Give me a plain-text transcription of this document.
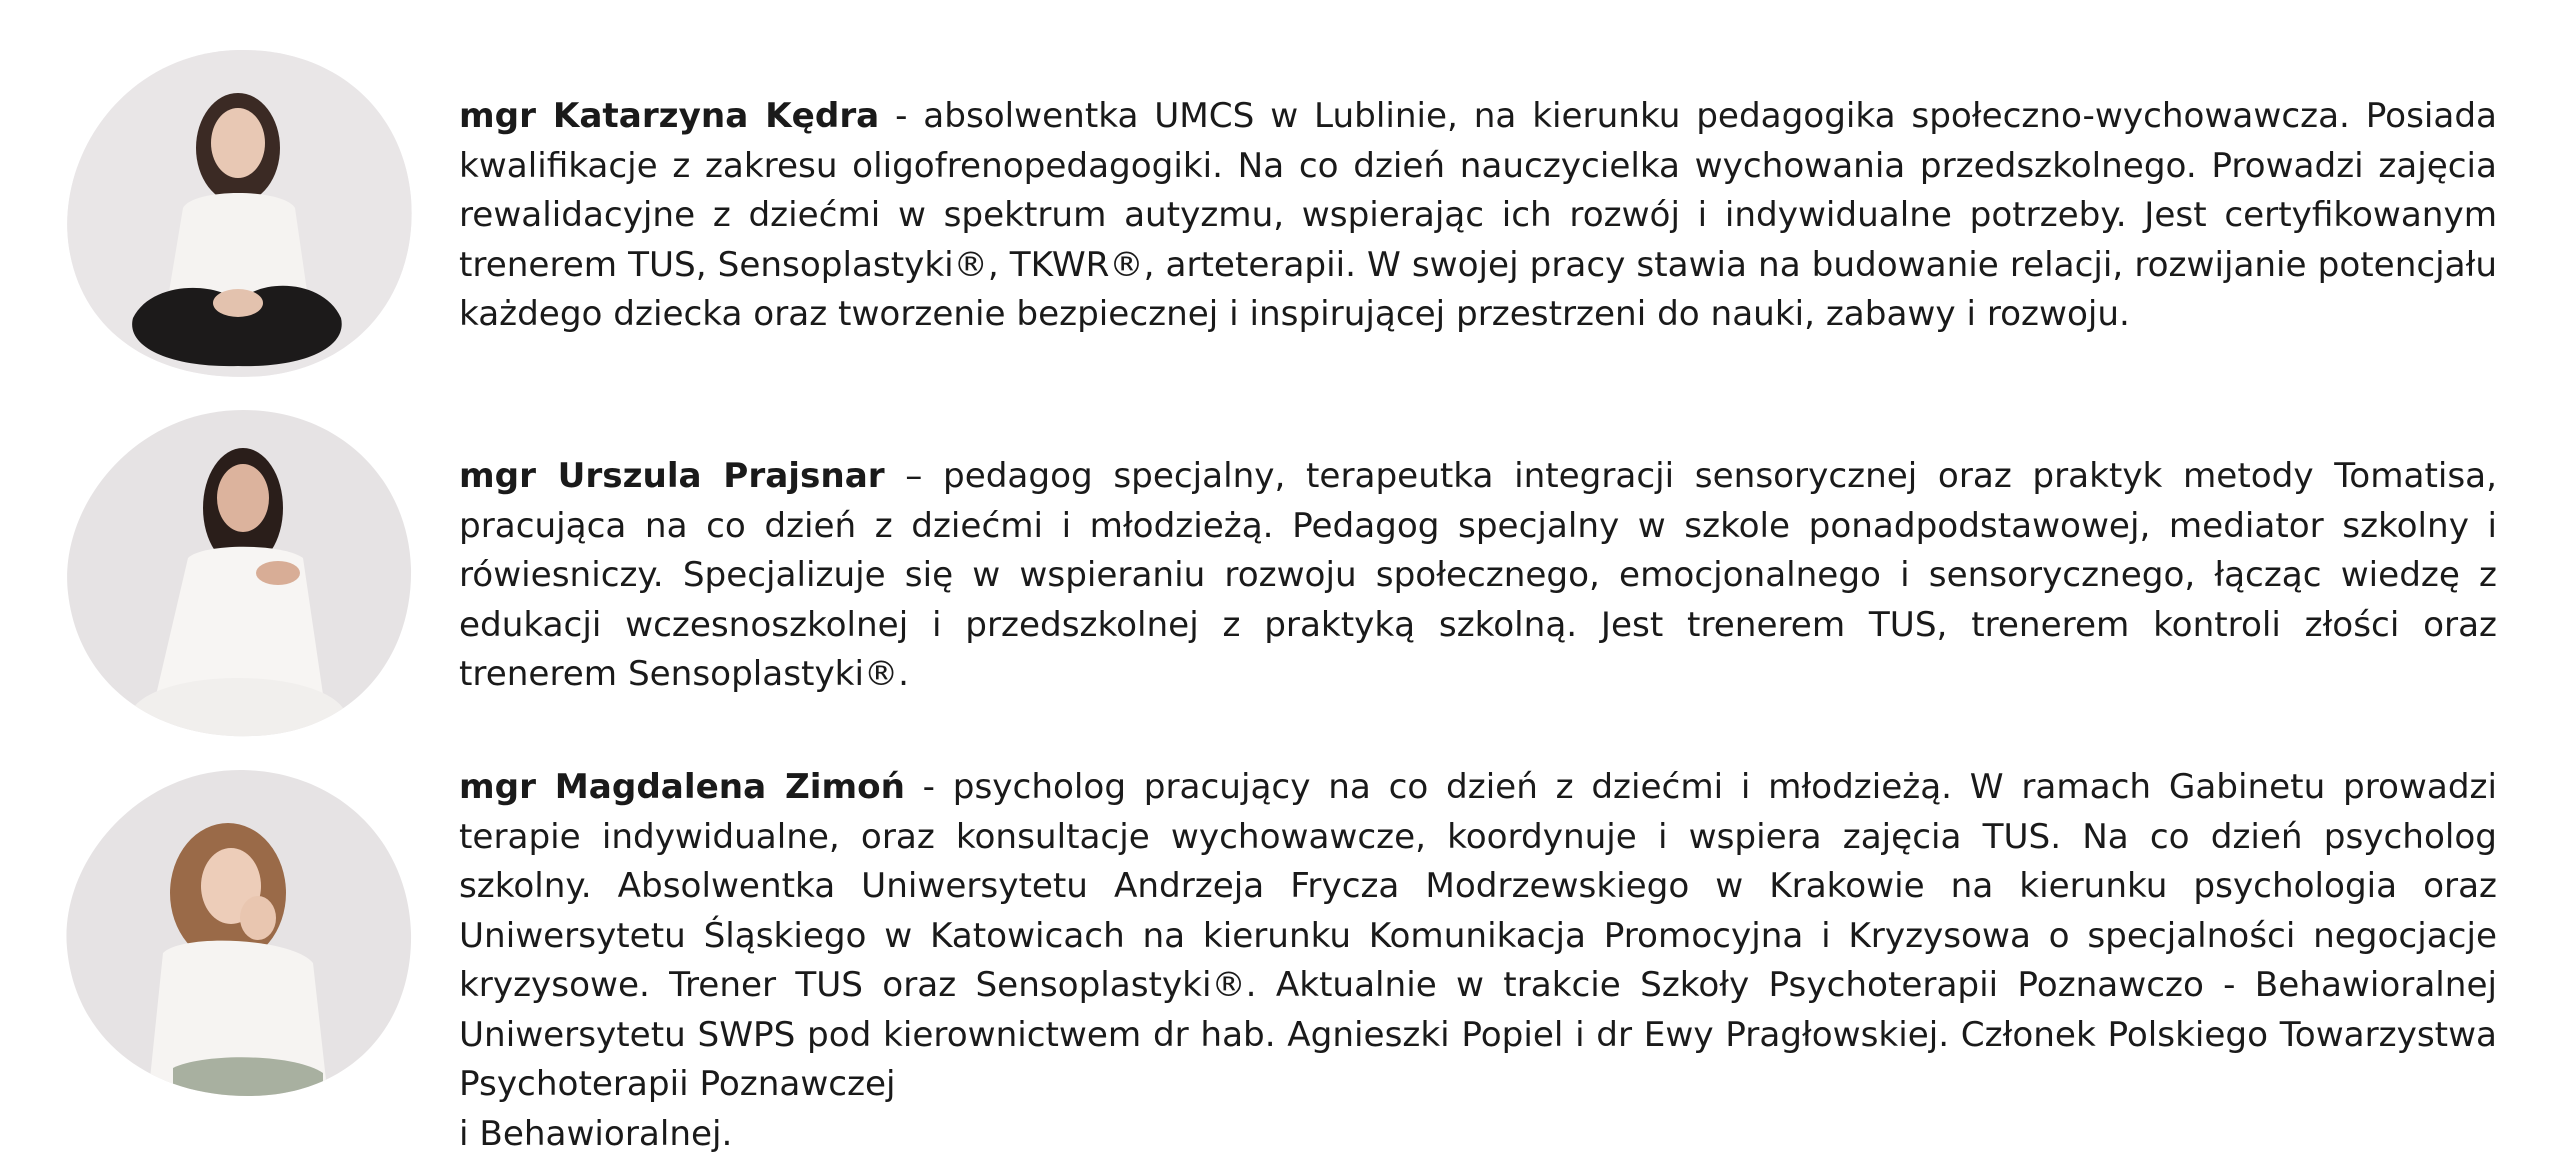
mgr Katarzyna Kędra - absolwentka UMCS w Lublinie, na kierunku pedagogika społeczno-wychowawcza. Posiada kwalifikacje z zakresu oligofrenopedagogiki. Na co dzień nauczycielka wychowania przedszkolnego. Prowadzi zajęcia rewalidacyjne z dziećmi w spektrum autyzmu, wspierając ich rozwój i indywidualne potrzeby. Jest certyfikowanym trenerem TUS, Sensoplastyki®, TKWR®, arteterapii. W swojej pracy stawia na budowanie relacji, rozwijanie potencjału każdego dziecka oraz tworzenie bezpiecznej i inspirującej przestrzeni do nauki, zabawy i rozwoju.

mgr Urszula Prajsnar – pedagog specjalny, terapeutka integracji sensorycznej oraz praktyk metody Tomatisa, pracująca na co dzień z dziećmi i młodzieżą. Pedagog specjalny w szkole ponadpodstawowej, mediator szkolny i rówiesniczy. Specjalizuje się w wspieraniu rozwoju społecznego, emocjonalnego i sensorycznego, łącząc wiedzę z edukacji wczesnoszkolnej i przedszkolnej z praktyką szkolną. Jest trenerem TUS, trenerem kontroli złości oraz trenerem Sensoplastyki®.

mgr Magdalena Zimoń - psycholog pracujący na co dzień z dziećmi i młodzieżą. W ramach Gabinetu prowadzi terapie indywidualne, oraz konsultacje wychowawcze, koordynuje i wspiera zajęcia TUS. Na co dzień psycholog szkolny. Absolwentka Uniwersytetu Andrzeja Frycza Modrzewskiego w Krakowie na kierunku psychologia oraz Uniwersytetu Śląskiego w Katowicach na kierunku Komunikacja Promocyjna i Kryzysowa o specjalności negocjacje kryzysowe. Trener TUS oraz Sensoplastyki®. Aktualnie w trakcie Szkoły Psychoterapii Poznawczo - Behawioralnej Uniwersytetu SWPS pod kierownictwem dr hab. Agnieszki Popiel i dr Ewy Pragłowskiej. Członek Polskiego Towarzystwa Psychoterapii Poznawczej
i Behawioralnej.
